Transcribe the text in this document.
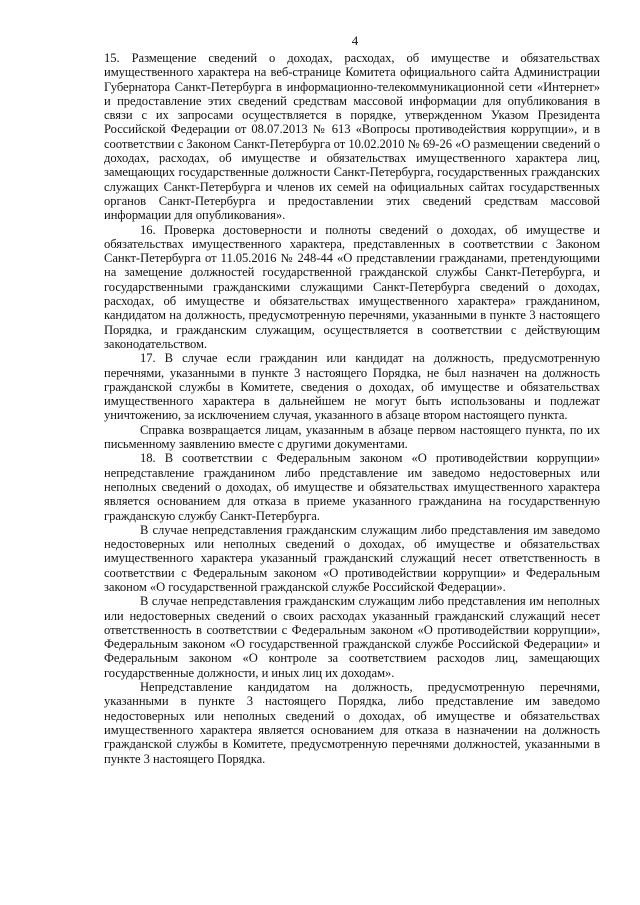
4

15. Размещение сведений о доходах, расходах, об имуществе и обязательствах имущественного характера на веб-странице Комитета официального сайта Администрации Губернатора Санкт-Петербурга в информационно-телекоммуникационной сети «Интернет» и предоставление этих сведений средствам массовой информации для опубликования в связи с их запросами осуществляется в порядке, утвержденном Указом Президента Российской Федерации от 08.07.2013 № 613 «Вопросы противодействия коррупции», и в соответствии с Законом Санкт-Петербурга от 10.02.2010 № 69-26 «О размещении сведений о доходах, расходах, об имуществе и обязательствах имущественного характера лиц, замещающих государственные должности Санкт-Петербурга, государственных гражданских служащих Санкт-Петербурга и членов их семей на официальных сайтах государственных органов Санкт-Петербурга и предоставлении этих сведений средствам массовой информации для опубликования».

16. Проверка достоверности и полноты сведений о доходах, об имуществе и обязательствах имущественного характера, представленных в соответствии с Законом Санкт-Петербурга от 11.05.2016 № 248-44 «О представлении гражданами, претендующими на замещение должностей государственной гражданской службы Санкт-Петербурга, и государственными гражданскими служащими Санкт-Петербурга сведений о доходах, расходах, об имуществе и обязательствах имущественного характера» гражданином, кандидатом на должность, предусмотренную перечнями, указанными в пункте 3 настоящего Порядка, и гражданским служащим, осуществляется в соответствии с действующим законодательством.

17. В случае если гражданин или кандидат на должность, предусмотренную перечнями, указанными в пункте 3 настоящего Порядка, не был назначен на должность гражданской службы в Комитете, сведения о доходах, об имуществе и обязательствах имущественного характера в дальнейшем не могут быть использованы и подлежат уничтожению, за исключением случая, указанного в абзаце втором настоящего пункта.

Справка возвращается лицам, указанным в абзаце первом настоящего пункта, по их письменному заявлению вместе с другими документами.

18. В соответствии с Федеральным законом «О противодействии коррупции» непредставление гражданином либо представление им заведомо недостоверных или неполных сведений о доходах, об имуществе и обязательствах имущественного характера является основанием для отказа в приеме указанного гражданина на государственную гражданскую службу Санкт-Петербурга.

В случае непредставления гражданским служащим либо представления им заведомо недостоверных или неполных сведений о доходах, об имуществе и обязательствах имущественного характера указанный гражданский служащий несет ответственность в соответствии с Федеральным законом «О противодействии коррупции» и Федеральным законом «О государственной гражданской службе Российской Федерации».

В случае непредставления гражданским служащим либо представления им неполных или недостоверных сведений о своих расходах указанный гражданский служащий несет ответственность в соответствии с Федеральным законом «О противодействии коррупции», Федеральным законом «О государственной гражданской службе Российской Федерации» и Федеральным законом «О контроле за соответствием расходов лиц, замещающих государственные должности, и иных лиц их доходам».

Непредставление кандидатом на должность, предусмотренную перечнями, указанными в пункте 3 настоящего Порядка, либо представление им заведомо недостоверных или неполных сведений о доходах, об имуществе и обязательствах имущественного характера является основанием для отказа в назначении на должность гражданской службы в Комитете, предусмотренную перечнями должностей, указанными в пункте 3 настоящего Порядка.
